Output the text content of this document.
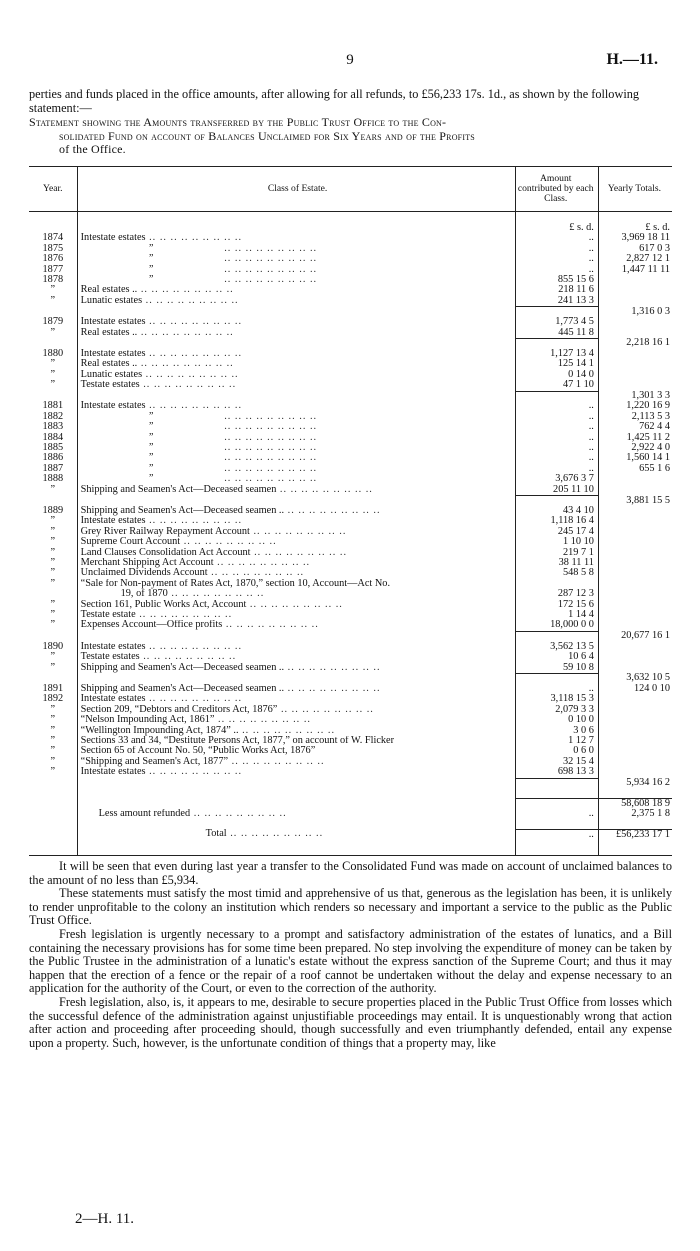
9	H.—11.
perties and funds placed in the office amounts, after allowing for all refunds, to £56,233 17s. 1d., as shown by the following statement:—
Statement showing the Amounts transferred by the Public Trust Office to the Con-
solidated Fund on account of Balances Unclaimed for Six Years and of the Profits
of the Office.
Year.	Class of Estate.	Amount contributed by each Class.	Yearly Totals.

		£ s. d.	£ s. d.
1874	Intestate estates .. .. .. .. .. .. .. .. ..	..	3,969 18 11
1875	” .. .. .. .. .. .. .. .. ..	..	617 0 3
1876	” .. .. .. .. .. .. .. .. ..	..	2,827 12 1
1877	” .. .. .. .. .. .. .. .. ..	..	1,447 11 11
1878	” .. .. .. .. .. .. .. .. ..	855 15 6	
”	Real estates .. .. .. .. .. .. .. .. .. ..	218 11 6	
”	Lunatic estates .. .. .. .. .. .. .. .. ..	241 13 3	
			1,316 0 3
1879	Intestate estates .. .. .. .. .. .. .. .. ..	1,773 4 5	
”	Real estates .. .. .. .. .. .. .. .. .. ..	445 11 8	
			2,218 16 1
1880	Intestate estates .. .. .. .. .. .. .. .. ..	1,127 13 4	
”	Real estates .. .. .. .. .. .. .. .. .. ..	125 14 1	
”	Lunatic estates .. .. .. .. .. .. .. .. ..	0 14 0	
”	Testate estates .. .. .. .. .. .. .. .. ..	47 1 10	
			1,301 3 3
1881	Intestate estates .. .. .. .. .. .. .. .. ..	..	1,220 16 9
1882	” .. .. .. .. .. .. .. .. ..	..	2,113 5 3
1883	” .. .. .. .. .. .. .. .. ..	..	762 4 4
1884	” .. .. .. .. .. .. .. .. ..	..	1,425 11 2
1885	” .. .. .. .. .. .. .. .. ..	..	2,922 4 0
1886	” .. .. .. .. .. .. .. .. ..	..	1,560 14 1
1887	” .. .. .. .. .. .. .. .. ..	..	655 1 6
1888	” .. .. .. .. .. .. .. .. ..	3,676 3 7	
”	Shipping and Seamen's Act—Deceased seamen .. .. .. .. .. .. .. .. ..	205 11 10	
			3,881 15 5
1889	Shipping and Seamen's Act—Deceased seamen .. .. .. .. .. .. .. .. .. ..	43 4 10	
”	Intestate estates .. .. .. .. .. .. .. .. ..	1,118 16 4	
”	Grey River Railway Repayment Account .. .. .. .. .. .. .. .. ..	245 17 4	
”	Supreme Court Account .. .. .. .. .. .. .. .. ..	1 10 10	
”	Land Clauses Consolidation Act Account .. .. .. .. .. .. .. .. ..	219 7 1	
”	Merchant Shipping Act Account .. .. .. .. .. .. .. .. ..	38 11 11	
”	Unclaimed Dividends Account .. .. .. .. .. .. .. .. ..	548 5 8	
”	“Sale for Non-payment of Rates Act, 1870,” section 10, Account—Act No.		
	19, of 1870 .. .. .. .. .. .. .. .. ..	287 12 3	
”	Section 161, Public Works Act, Account .. .. .. .. .. .. .. .. ..	172 15 6	
”	Testate estate .. .. .. .. .. .. .. .. ..	1 14 4	
”	Expenses Account—Office profits .. .. .. .. .. .. .. .. ..	18,000 0 0	
			20,677 16 1
1890	Intestate estates .. .. .. .. .. .. .. .. ..	3,562 13 5	
”	Testate estates .. .. .. .. .. .. .. .. ..	10 6 4	
”	Shipping and Seamen's Act—Deceased seamen .. .. .. .. .. .. .. .. .. ..	59 10 8	
			3,632 10 5
1891	Shipping and Seamen's Act—Deceased seamen .. .. .. .. .. .. .. .. .. ..	..	124 0 10
1892	Intestate estates .. .. .. .. .. .. .. .. ..	3,118 15 3	
”	Section 209, “Debtors and Creditors Act, 1876” .. .. .. .. .. .. .. .. ..	2,079 3 3	
”	“Nelson Impounding Act, 1861” .. .. .. .. .. .. .. .. ..	0 10 0	
”	“Wellington Impounding Act, 1874” .. .. .. .. .. .. .. .. .. ..	3 0 6	
”	Sections 33 and 34, “Destitute Persons Act, 1877,” on account of W. Flicker	1 12 7	
”	Section 65 of Account No. 50, “Public Works Act, 1876”	0 6 0	
”	“Shipping and Seamen's Act, 1877” .. .. .. .. .. .. .. .. ..	32 15 4	
”	Intestate estates .. .. .. .. .. .. .. .. ..	698 13 3	
			5,934 16 2

			58,608 18 9
	Less amount refunded .. .. .. .. .. .. .. .. ..	..	2,375 1 8
	Total .. .. .. .. .. .. .. .. ..	..	£56,233 17 1

It will be seen that even during last year a transfer to the Consolidated Fund was made on account of unclaimed balances to the amount of no less than £5,934.

These statements must satisfy the most timid and apprehensive of us that, generous as the legislation has been, it is unlikely to render unprofitable to the colony an institution which renders so necessary and important a service to the public as the Public Trust Office.

Fresh legislation is urgently necessary to a prompt and satisfactory administration of the estates of lunatics, and a Bill containing the necessary provisions has for some time been prepared. No step involving the expenditure of money can be taken by the Public Trustee in the administration of a lunatic's estate without the express sanction of the Supreme Court; and thus it may happen that the erection of a fence or the repair of a roof cannot be undertaken without the delay and expense necessary to an application for the authority of the Court, or even to the correction of the authority.

Fresh legislation, also, is, it appears to me, desirable to secure properties placed in the Public Trust Office from losses which the successful defence of the administration against unjustifiable proceedings may entail. It is unquestionably wrong that action after action and proceeding after proceeding should, though successfully and even triumphantly defended, entail any expense upon a property. Such, however, is the unfortunate condition of things that a property may, like

2—H. 11.
